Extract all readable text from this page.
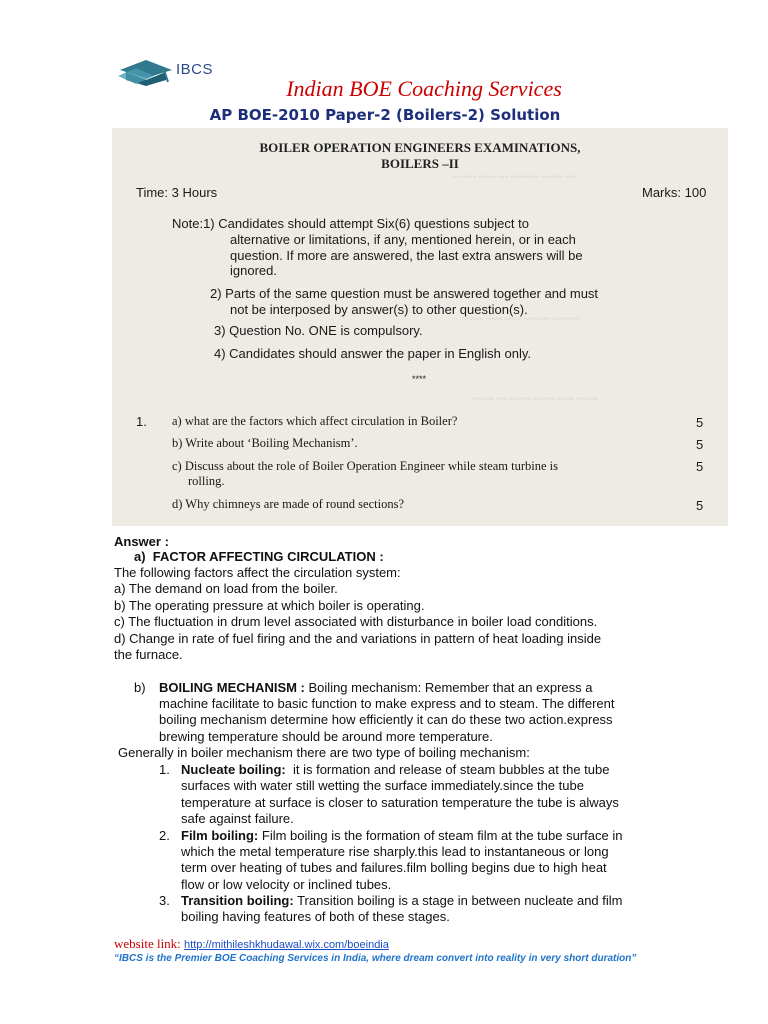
IBCS
Indian BOE Coaching Services
AP BOE-2010 Paper-2 (Boilers-2) Solution
~ ~~~ ~~~ ~~ ~~~~~ ~~~~ ~~
~~~~ ~~~ ~~~ ~~~~~ ~~~~~
~~~~ ~~ ~~~~ ~~~~ ~~~ ~~~~
BOILER OPERATION ENGINEERS EXAMINATIONS,
BOILERS –II
Time: 3 Hours	Marks: 100
Note:1) Candidates should attempt Six(6) questions subject to
alternative or limitations, if any, mentioned herein, or in each
question. If more are answered, the last extra answers will be
ignored.
2) Parts of the same question must be answered together and must
not be interposed by answer(s) to other question(s).
3) Question No. ONE is compulsory.
4) Candidates should answer the paper in English only.
****
1. a) what are the factors which affect circulation in Boiler?	5
b) Write about ‘Boiling Mechanism’.	5
c) Discuss about the role of Boiler Operation Engineer while steam turbine is	5
rolling.
d) Why chimneys are made of round sections?	5
Answer :
a) FACTOR AFFECTING CIRCULATION :
The following factors affect the circulation system:
a) The demand on load from the boiler.
b) The operating pressure at which boiler is operating.
c) The fluctuation in drum level associated with disturbance in boiler load conditions.
d) Change in rate of fuel firing and the and variations in pattern of heat loading inside
the furnace.
b) BOILING MECHANISM : Boiling mechanism: Remember that an express a
machine facilitate to basic function to make express and to steam. The different
boiling mechanism determine how efficiently it can do these two action.express
brewing temperature should be around more temperature.
Generally in boiler mechanism there are two type of boiling mechanism:
1. Nucleate boiling: it is formation and release of steam bubbles at the tube
surfaces with water still wetting the surface immediately.since the tube
temperature at surface is closer to saturation temperature the tube is always
safe against failure.
2. Film boiling: Film boiling is the formation of steam film at the tube surface in
which the metal temperature rise sharply.this lead to instantaneous or long
term over heating of tubes and failures.film bolling begins due to high heat
flow or low velocity or inclined tubes.
3. Transition boiling: Transition boiling is a stage in between nucleate and film
boiling having features of both of these stages.
website link: http://mithileshkhudawal.wix.com/boeindia
“IBCS is the Premier BOE Coaching Services in India, where dream convert into reality in very short duration”
